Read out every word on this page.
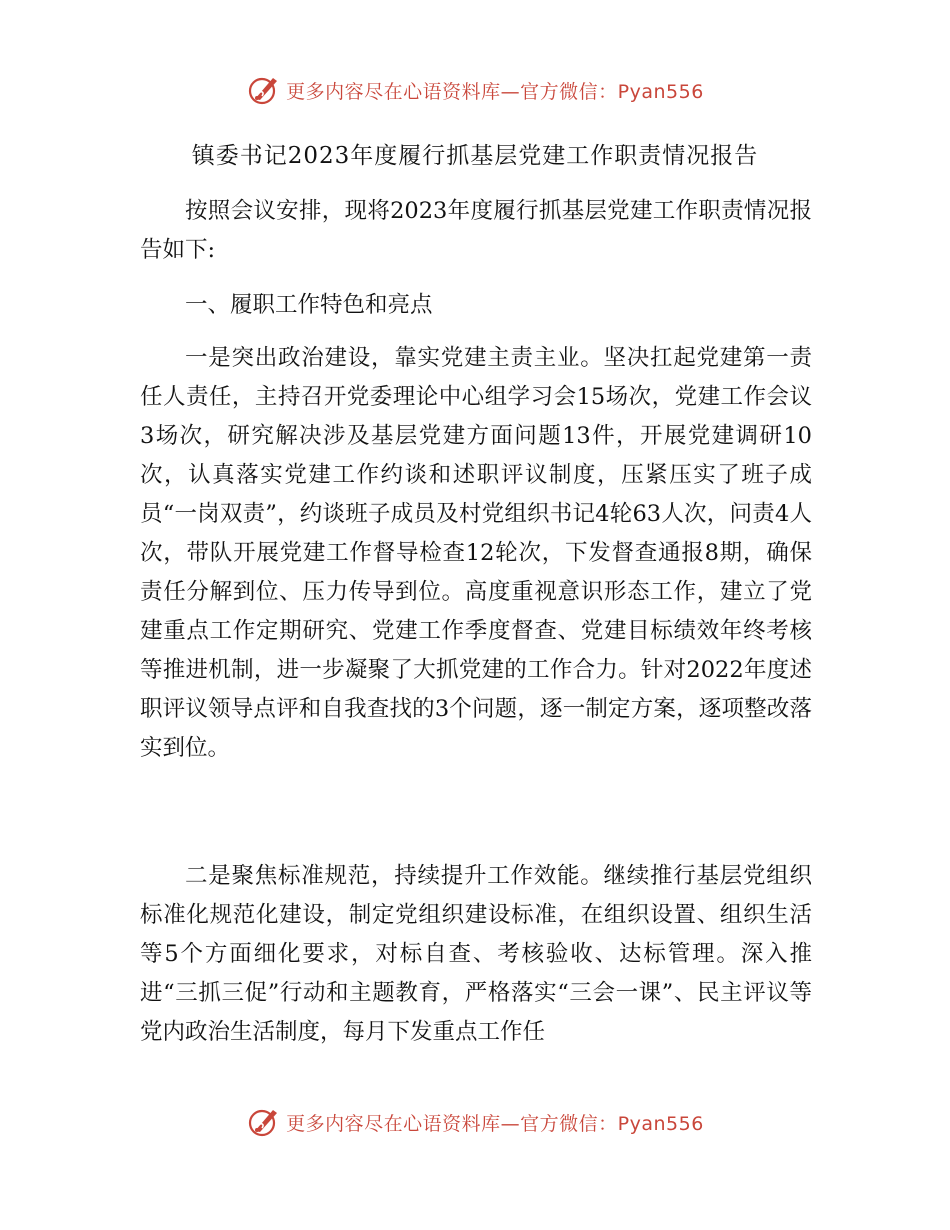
更多内容尽在心语资料库—官方微信：Pyan556
镇委书记2023年度履行抓基层党建工作职责情况报告

按照会议安排，现将2023年度履行抓基层党建工作职责情况报告如下:

一、履职工作特色和亮点

一是突出政治建设，靠实党建主责主业。坚决扛起党建第一责任人责任，主持召开党委理论中心组学习会15场次，党建工作会议3场次，研究解决涉及基层党建方面问题13件，开展党建调研10次，认真落实党建工作约谈和述职评议制度，压紧压实了班子成员“一岗双责”，约谈班子成员及村党组织书记4轮63人次，问责4人次，带队开展党建工作督导检查12轮次，下发督查通报8期，确保责任分解到位、压力传导到位。高度重视意识形态工作，建立了党建重点工作定期研究、党建工作季度督查、党建目标绩效年终考核等推进机制，进一步凝聚了大抓党建的工作合力。针对2022年度述职评议领导点评和自我查找的3个问题，逐一制定方案，逐项整改落实到位。

二是聚焦标准规范，持续提升工作效能。继续推行基层党组织标准化规范化建设，制定党组织建设标准，在组织设置、组织生活等5个方面细化要求，对标自查、考核验收、达标管理。深入推进“三抓三促”行动和主题教育，严格落实“三会一课”、民主评议等党内政治生活制度，每月下发重点工作任

更多内容尽在心语资料库—官方微信：Pyan556
